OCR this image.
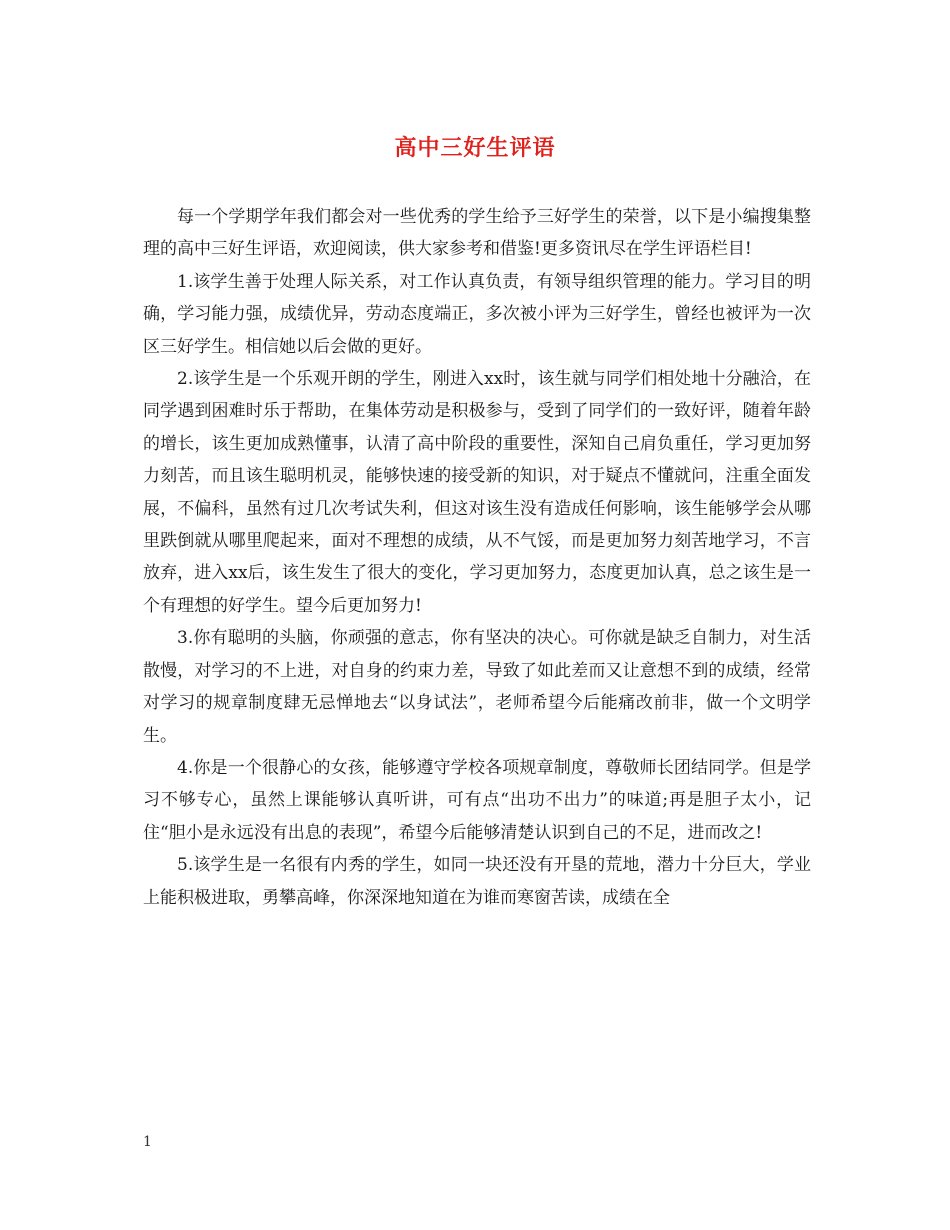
高中三好生评语

每一个学期学年我们都会对一些优秀的学生给予三好学生的荣誉，以下是小编搜集整理的高中三好生评语，欢迎阅读，供大家参考和借鉴!更多资讯尽在学生评语栏目!

1.该学生善于处理人际关系，对工作认真负责，有领导组织管理的能力。学习目的明确，学习能力强，成绩优异，劳动态度端正，多次被小评为三好学生，曾经也被评为一次区三好学生。相信她以后会做的更好。

2.该学生是一个乐观开朗的学生，刚进入xx时，该生就与同学们相处地十分融洽，在同学遇到困难时乐于帮助，在集体劳动是积极参与，受到了同学们的一致好评，随着年龄的增长，该生更加成熟懂事，认清了高中阶段的重要性，深知自己肩负重任，学习更加努力刻苦，而且该生聪明机灵，能够快速的接受新的知识，对于疑点不懂就问，注重全面发展，不偏科，虽然有过几次考试失利，但这对该生没有造成任何影响，该生能够学会从哪里跌倒就从哪里爬起来，面对不理想的成绩，从不气馁，而是更加努力刻苦地学习，不言放弃，进入xx后，该生发生了很大的变化，学习更加努力，态度更加认真，总之该生是一个有理想的好学生。望今后更加努力!

3.你有聪明的头脑，你顽强的意志，你有坚决的决心。可你就是缺乏自制力，对生活散慢，对学习的不上进，对自身的约束力差，导致了如此差而又让意想不到的成绩，经常对学习的规章制度肆无忌惮地去“以身试法”，老师希望今后能痛改前非，做一个文明学生。

4.你是一个很静心的女孩，能够遵守学校各项规章制度，尊敬师长团结同学。但是学习不够专心，虽然上课能够认真听讲，可有点“出功不出力”的味道;再是胆子太小，记住“胆小是永远没有出息的表现”，希望今后能够清楚认识到自己的不足，进而改之!

5.该学生是一名很有内秀的学生，如同一块还没有开垦的荒地，潜力十分巨大，学业上能积极进取，勇攀高峰，你深深地知道在为谁而寒窗苦读，成绩在全

1
